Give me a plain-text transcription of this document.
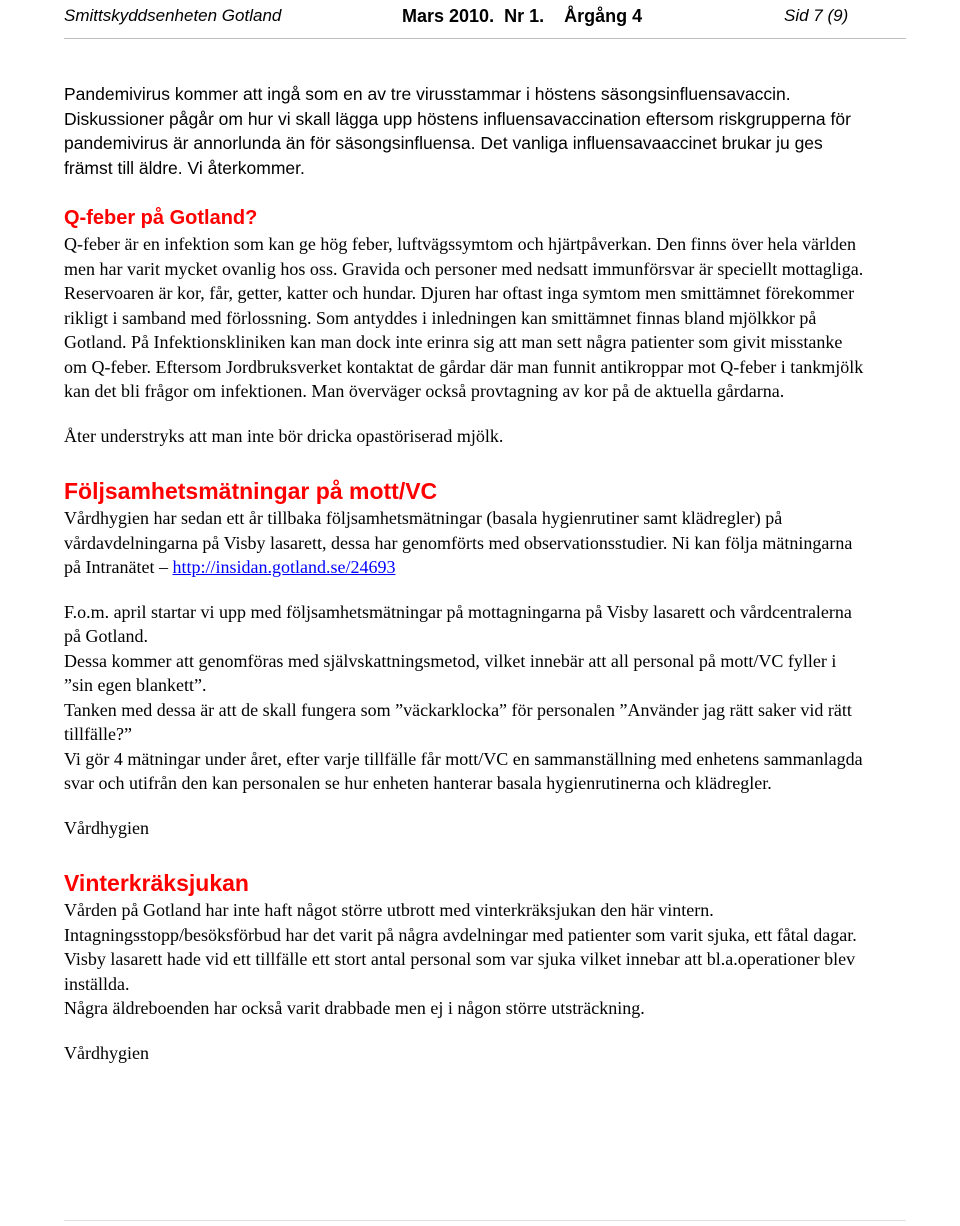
Smittskyddsenheten Gotland	Mars 2010.  Nr 1.    Årgång 4	Sid 7 (9)

Pandemivirus kommer att ingå som en av tre virusstammar i höstens säsongsinfluensavaccin. Diskussioner pågår om hur vi skall lägga upp höstens influensavaccination eftersom riskgrupperna för pandemivirus är annorlunda än för säsongsinfluensa. Det vanliga influensavaaccinet brukar ju ges främst till äldre. Vi återkommer.

Q-feber på Gotland?

Q-feber är en infektion som kan ge hög feber, luftvägssymtom och hjärtpåverkan. Den finns över hela världen men har varit mycket ovanlig hos oss. Gravida och personer med nedsatt immunförsvar är speciellt mottagliga. Reservoaren är kor, får, getter, katter och hundar. Djuren har oftast inga symtom men smittämnet förekommer rikligt i samband med förlossning. Som antyddes i inledningen kan smittämnet finnas bland mjölkkor på Gotland. På Infektionskliniken kan man dock inte erinra sig att man sett några patienter som givit misstanke om Q-feber. Eftersom Jordbruksverket kontaktat de gårdar där man funnit antikroppar mot Q-feber i tankmjölk kan det bli frågor om infektionen. Man överväger också provtagning av kor på de aktuella gårdarna.

Åter understryks att man inte bör dricka opastöriserad mjölk.

Följsamhetsmätningar på mott/VC

Vårdhygien har sedan ett år tillbaka följsamhetsmätningar (basala hygienrutiner samt klädregler) på vårdavdelningarna på Visby lasarett, dessa har genomförts med observationsstudier. Ni kan följa mätningarna på Intranätet – http://insidan.gotland.se/24693

F.o.m. april startar vi upp med följsamhetsmätningar på mottagningarna på Visby lasarett och vårdcentralerna på Gotland.

Dessa kommer att genomföras med självskattningsmetod, vilket innebär att all personal på mott/VC fyller i ”sin egen blankett”.

Tanken med dessa är att de skall fungera som ”väckarklocka” för personalen ”Använder jag rätt saker vid rätt tillfälle?”

Vi gör 4 mätningar under året, efter varje tillfälle får mott/VC en sammanställning med enhetens sammanlagda svar och utifrån den kan personalen se hur enheten hanterar basala hygienrutinerna och klädregler.

Vårdhygien

Vinterkräksjukan

Vården på Gotland har inte haft något större utbrott med vinterkräksjukan den här vintern.

Intagningsstopp/besöksförbud har det varit på några avdelningar med patienter som varit sjuka, ett fåtal dagar.

Visby lasarett hade vid ett tillfälle ett stort antal personal som var sjuka vilket innebar att bl.a.operationer blev inställda.

Några äldreboenden har också varit drabbade men ej i någon större utsträckning.

Vårdhygien
